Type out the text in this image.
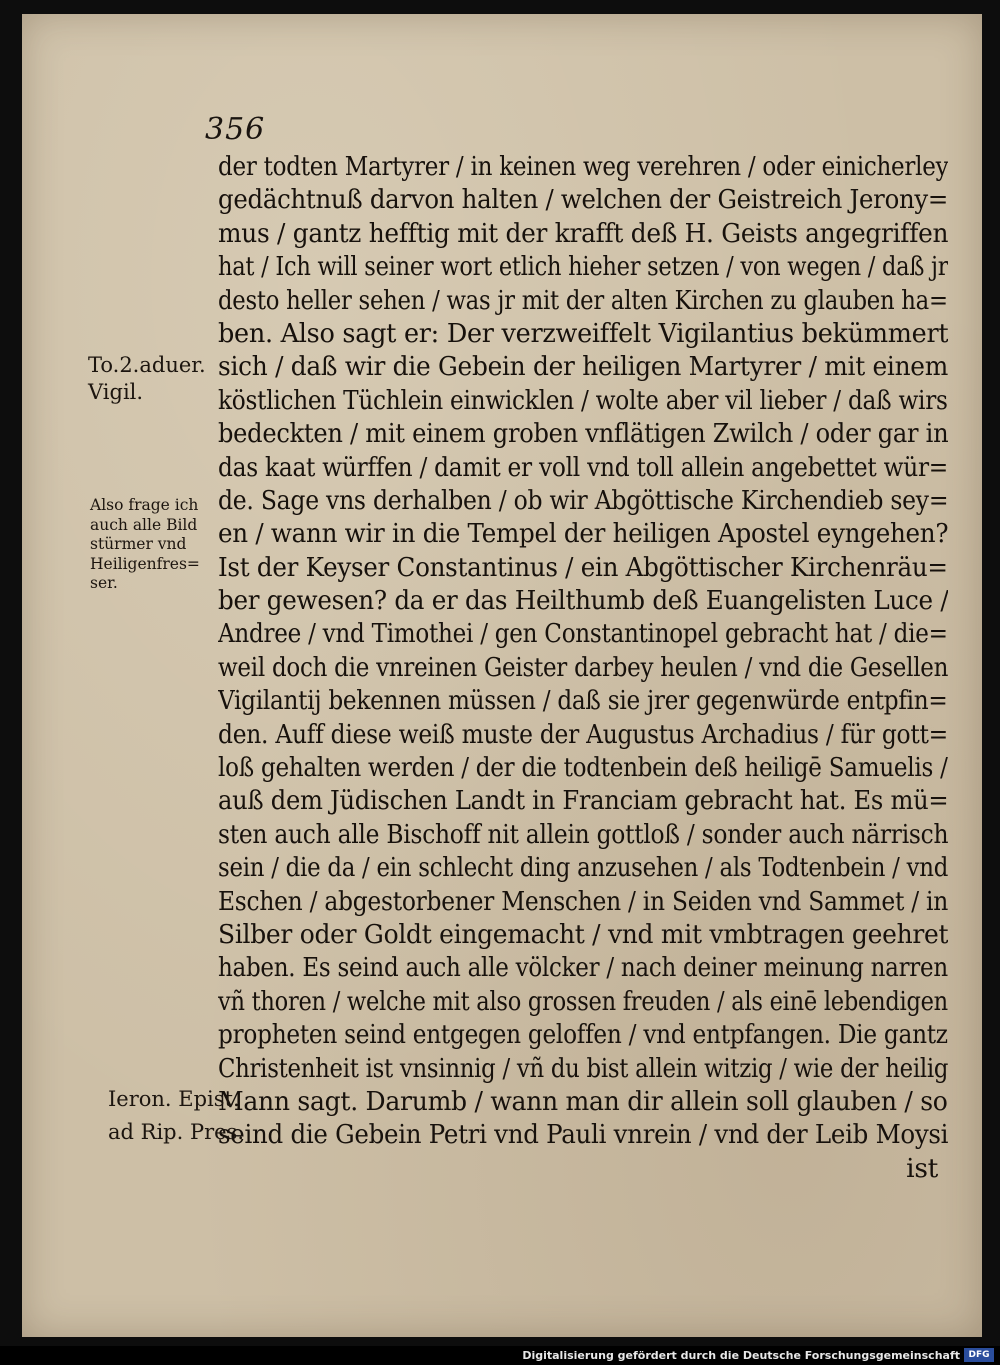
356
der todten Martyrer / in keinen weg verehren / oder einicherley
gedächtnuß darvon halten / welchen der Geistreich Jerony=
mus / gantz hefftig mit der krafft deß H. Geists angegriffen
hat / Ich will seiner wort etlich hieher setzen / von wegen / daß jr
desto heller sehen / was jr mit der alten Kirchen zu glauben ha=
ben. Also sagt er: Der verzweiffelt Vigilantius bekümmert
sich / daß wir die Gebein der heiligen Martyrer / mit einem
köstlichen Tüchlein einwicklen / wolte aber vil lieber / daß wirs
bedeckten / mit einem groben vnflätigen Zwilch / oder gar in
das kaat würffen / damit er voll vnd toll allein angebettet wür=
de. Sage vns derhalben / ob wir Abgöttische Kirchendieb sey=
en / wann wir in die Tempel der heiligen Apostel eyngehen?
Ist der Keyser Constantinus / ein Abgöttischer Kirchenräu=
ber gewesen? da er das Heilthumb deß Euangelisten Luce /
Andree / vnd Timothei / gen Constantinopel gebracht hat / die=
weil doch die vnreinen Geister darbey heulen / vnd die Gesellen
Vigilantij bekennen müssen / daß sie jrer gegenwürde entpfin=
den. Auff diese weiß muste der Augustus Archadius / für gott=
loß gehalten werden / der die todtenbein deß heiligē Samuelis /
auß dem Jüdischen Landt in Franciam gebracht hat. Es mü=
sten auch alle Bischoff nit allein gottloß / sonder auch närrisch
sein / die da / ein schlecht ding anzusehen / als Todtenbein / vnd
Eschen / abgestorbener Menschen / in Seiden vnd Sammet / in
Silber oder Goldt eingemacht / vnd mit vmbtragen geehret
haben. Es seind auch alle völcker / nach deiner meinung narren
vñ thoren / welche mit also grossen freuden / als einē lebendigen
propheten seind entgegen geloffen / vnd entpfangen. Die gantz
Christenheit ist vnsinnig / vñ du bist allein witzig / wie der heilig
Mann sagt. Darumb / wann man dir allein soll glauben / so
seind die Gebein Petri vnd Pauli vnrein / vnd der Leib Moysi
ist
To.2.aduer.
Vigil.
Also frage ich
auch alle Bild
stürmer vnd
Heiligenfres=
ser.
Ieron. Epist.
ad Rip. Pres.
Digitalisierung gefördert durch die Deutsche Forschungsgemeinschaft DFG
